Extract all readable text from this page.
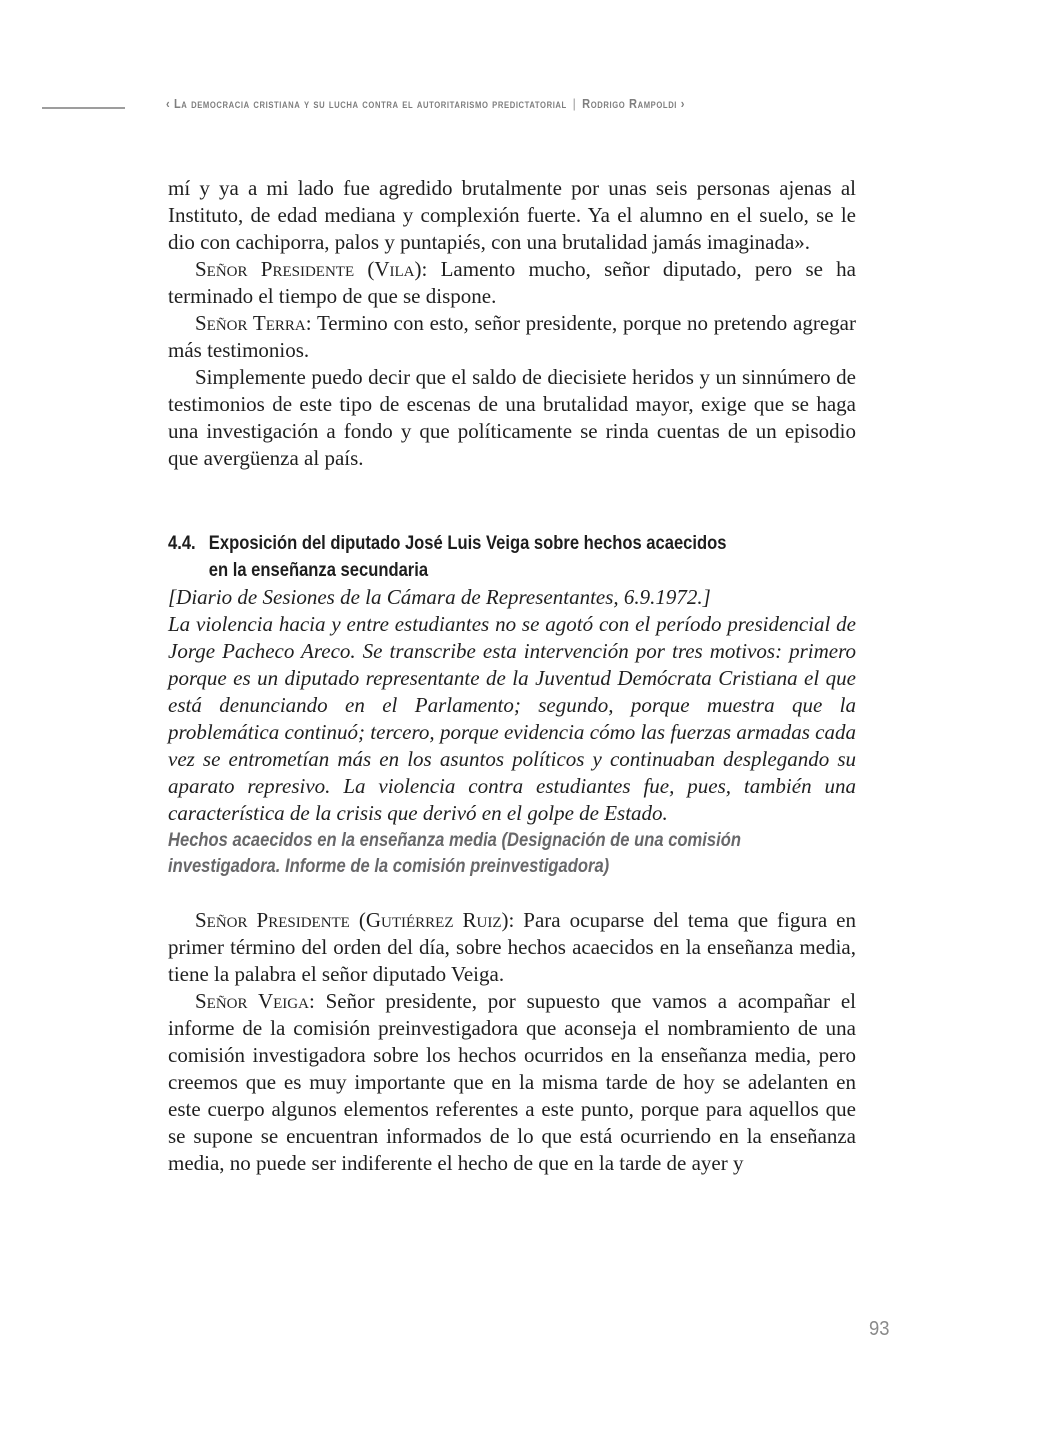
‹ La democracia cristiana y su lucha contra el autoritarismo predictatorial | Rodrigo Rampoldi ›

mí y ya a mi lado fue agredido brutalmente por unas seis personas ajenas al Instituto, de edad mediana y complexión fuerte. Ya el alumno en el suelo, se le dio con cachiporra, palos y puntapiés, con una brutalidad jamás imaginada».

Señor Presidente (Vila): Lamento mucho, señor diputado, pero se ha terminado el tiempo de que se dispone.

Señor Terra: Termino con esto, señor presidente, porque no pretendo agregar más testimonios.

Simplemente puedo decir que el saldo de diecisiete heridos y un sinnúmero de testimonios de este tipo de escenas de una brutalidad mayor, exige que se haga una investigación a fondo y que políticamente se rinda cuentas de un episodio que avergüenza al país.

4.4. Exposición del diputado José Luis Veiga sobre hechos acaecidos
en la enseñanza secundaria

[Diario de Sesiones de la Cámara de Representantes, 6.9.1972.]

La violencia hacia y entre estudiantes no se agotó con el período presidencial de Jorge Pacheco Areco. Se transcribe esta intervención por tres motivos: primero porque es un diputado representante de la Juventud Demócrata Cristiana el que está denunciando en el Parlamento; segundo, porque muestra que la problemática continuó; tercero, porque evidencia cómo las fuerzas armadas cada vez se entrometían más en los asuntos políticos y continuaban desplegando su aparato represivo. La violencia contra estudiantes fue, pues, también una característica de la crisis que derivó en el golpe de Estado.

Hechos acaecidos en la enseñanza media (Designación de una comisión investigadora. Informe de la comisión preinvestigadora)

Señor Presidente (Gutiérrez Ruiz): Para ocuparse del tema que figura en primer término del orden del día, sobre hechos acaecidos en la enseñanza media, tiene la palabra el señor diputado Veiga.

Señor Veiga: Señor presidente, por supuesto que vamos a acompañar el informe de la comisión preinvestigadora que aconseja el nombramiento de una comisión investigadora sobre los hechos ocurridos en la enseñanza media, pero creemos que es muy importante que en la misma tarde de hoy se adelanten en este cuerpo algunos elementos referentes a este punto, porque para aquellos que se supone se encuentran informados de lo que está ocurriendo en la enseñanza media, no puede ser indiferente el hecho de que en la tarde de ayer y

93
